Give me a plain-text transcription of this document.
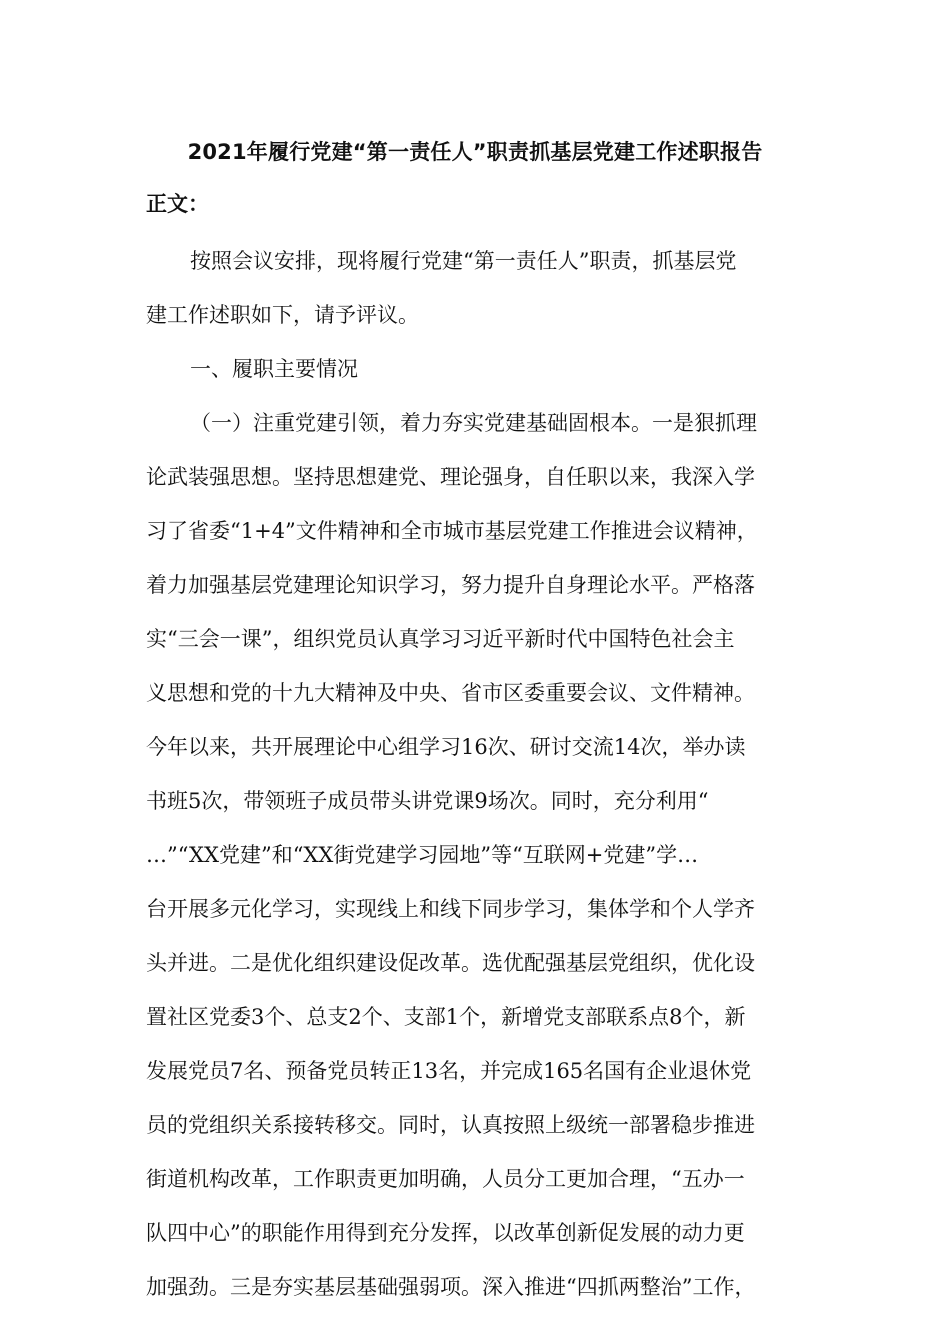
2021年履行党建“第一责任人”职责抓基层党建工作述职报告
正文：
按照会议安排，现将履行党建“第一责任人”职责，抓基层党
建工作述职如下，请予评议。
一、履职主要情况
（一）注重党建引领，着力夯实党建基础固根本。一是狠抓理
论武装强思想。坚持思想建党、理论强身，自任职以来，我深入学
习了省委“1+4”文件精神和全市城市基层党建工作推进会议精神，
着力加强基层党建理论知识学习，努力提升自身理论水平。严格落
实“三会一课”，组织党员认真学习习近平新时代中国特色社会主
义思想和党的十九大精神及中央、省市区委重要会议、文件精神。
今年以来，共开展理论中心组学习16次、研讨交流14次，举办读
书班5次，带领班子成员带头讲党课9场次。同时，充分利用“
…”“XX党建”和“XX街党建学习园地”等“互联网+党建”学…
台开展多元化学习，实现线上和线下同步学习，集体学和个人学齐
头并进。二是优化组织建设促改革。选优配强基层党组织，优化设
置社区党委3个、总支2个、支部1个，新增党支部联系点8个，新
发展党员7名、预备党员转正13名，并完成165名国有企业退休党
员的党组织关系接转移交。同时，认真按照上级统一部署稳步推进
街道机构改革，工作职责更加明确，人员分工更加合理，“五办一
队四中心”的职能作用得到充分发挥，以改革创新促发展的动力更
加强劲。三是夯实基层基础强弱项。深入推进“四抓两整治”工作，
